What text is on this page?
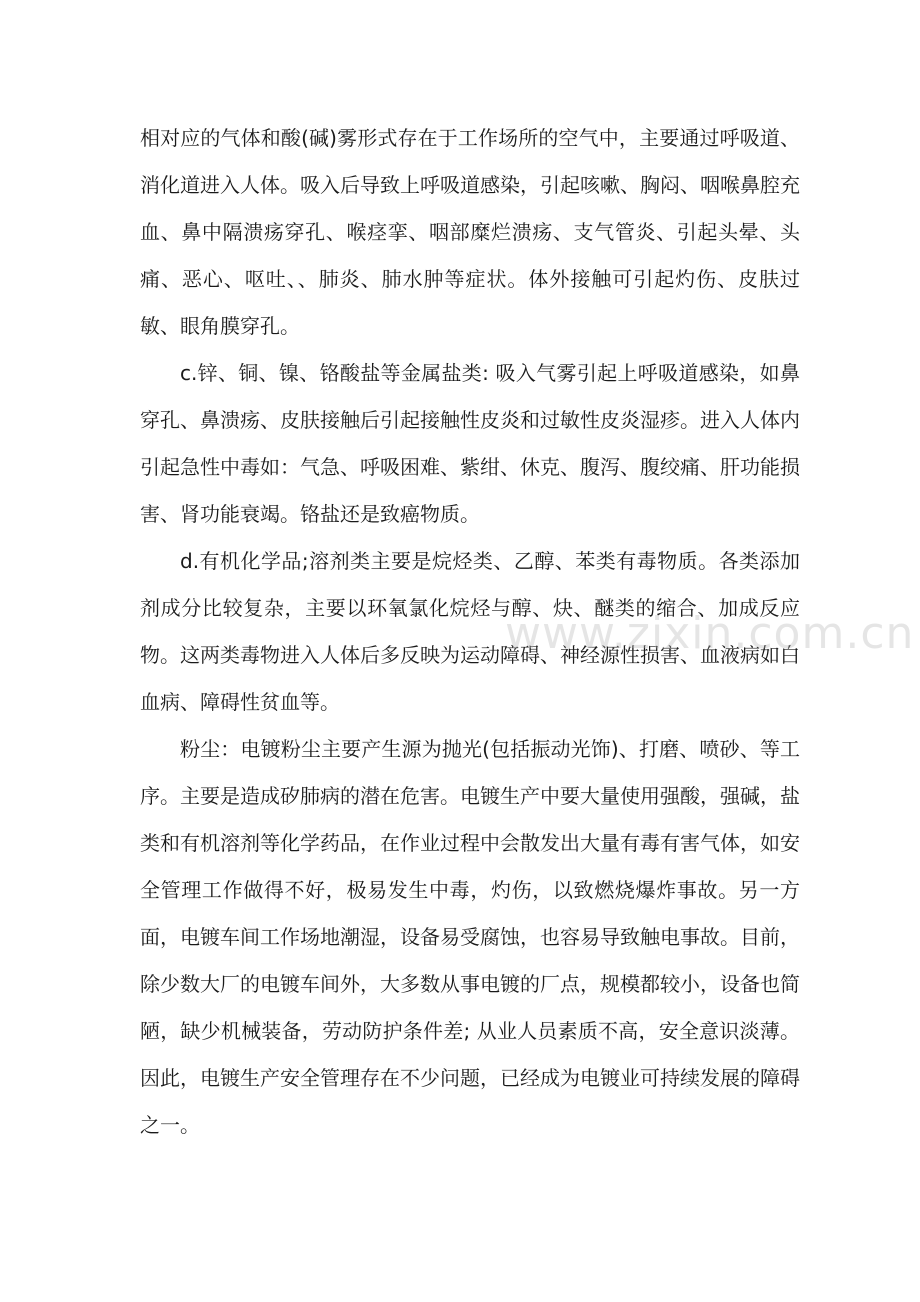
相对应的气体和酸(碱)雾形式存在于工作场所的空气中，主要通过呼吸道、消化道进入人体。吸入后导致上呼吸道感染，引起咳嗽、胸闷、咽喉鼻腔充血、鼻中隔溃疡穿孔、喉痉挛、咽部糜烂溃疡、支气管炎、引起头晕、头痛、恶心、呕吐、、肺炎、肺水肿等症状。体外接触可引起灼伤、皮肤过敏、眼角膜穿孔。

c.锌、铜、镍、铬酸盐等金属盐类: 吸入气雾引起上呼吸道感染，如鼻穿孔、鼻溃疡、皮肤接触后引起接触性皮炎和过敏性皮炎湿疹。进入人体内引起急性中毒如：气急、呼吸困难、紫绀、休克、腹泻、腹绞痛、肝功能损害、肾功能衰竭。铬盐还是致癌物质。

d.有机化学品;溶剂类主要是烷烃类、乙醇、苯类有毒物质。各类添加剂成分比较复杂，主要以环氧氯化烷烃与醇、炔、醚类的缩合、加成反应物。这两类毒物进入人体后多反映为运动障碍、神经源性损害、血液病如白血病、障碍性贫血等。

粉尘：电镀粉尘主要产生源为抛光(包括振动光饰)、打磨、喷砂、等工序。主要是造成矽肺病的潜在危害。电镀生产中要大量使用强酸，强碱，盐类和有机溶剂等化学药品，在作业过程中会散发出大量有毒有害气体，如安全管理工作做得不好，极易发生中毒，灼伤，以致燃烧爆炸事故。另一方面，电镀车间工作场地潮湿，设备易受腐蚀，也容易导致触电事故。目前，除少数大厂的电镀车间外，大多数从事电镀的厂点，规模都较小，设备也简陋，缺少机械装备，劳动防护条件差; 从业人员素质不高，安全意识淡薄。因此，电镀生产安全管理存在不少问题，已经成为电镀业可持续发展的障碍之一。

www.zixin.com.cn
